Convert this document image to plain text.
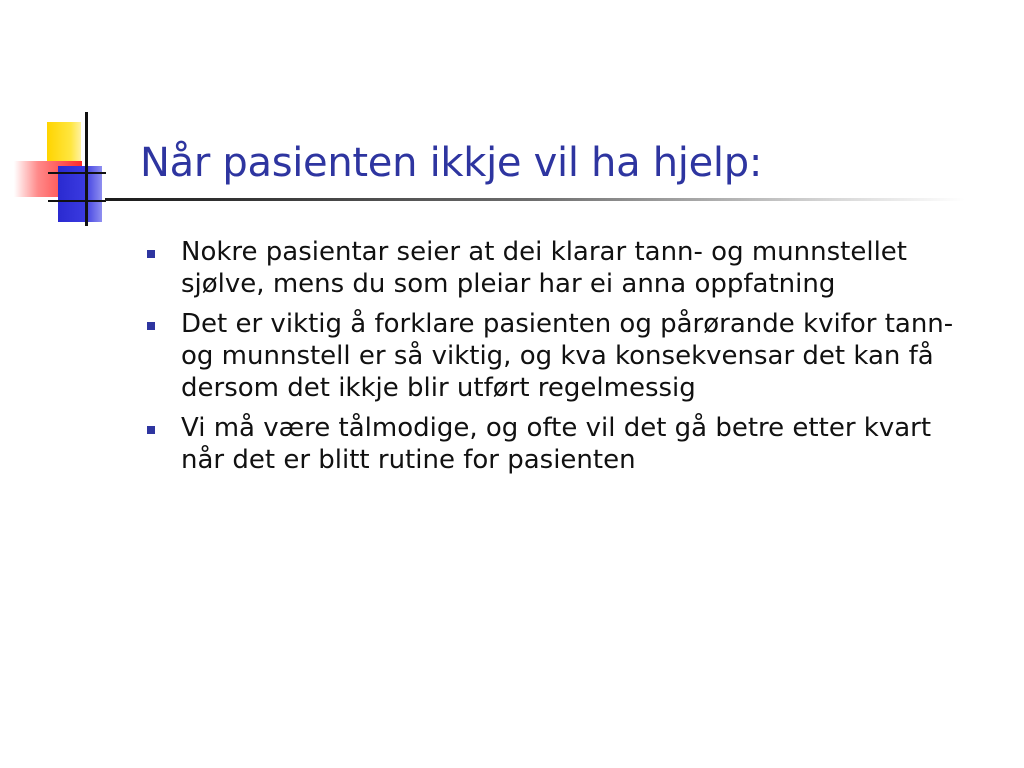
Når pasienten ikkje vil ha hjelp:
Nokre pasientar seier at dei klarar tann- og munnstellet sjølve, mens du som pleiar har ei anna oppfatning
Det er viktig å forklare pasienten og pårørande kvifor tann- og munnstell er så viktig, og kva konsekvensar det kan få dersom det ikkje blir utført regelmessig
Vi må være tålmodige, og ofte vil det gå betre etter kvart når det er blitt rutine for pasienten
